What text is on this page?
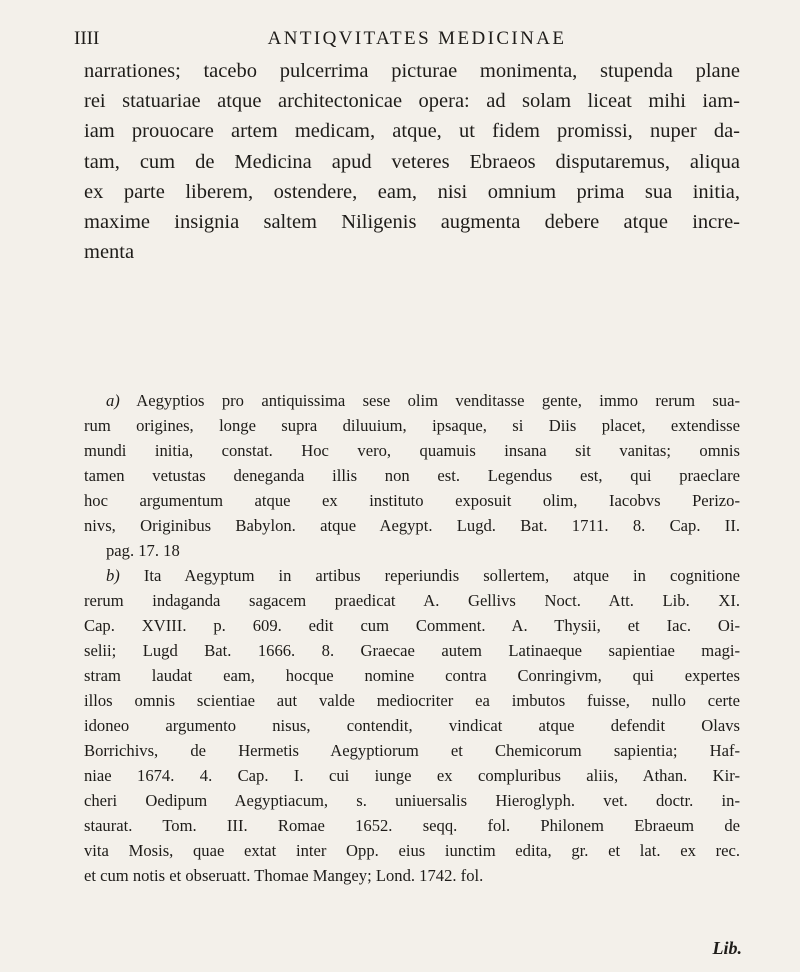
IIII	ANTIQVITATES MEDICINAE
narrationes; tacebo pulcerrima picturae monimenta, stupenda plane
rei statuariae atque architectonicae opera: ad solam liceat mihi iam-
iam prouocare artem medicam, atque, ut fidem promissi, nuper da-
tam, cum de Medicina apud veteres Ebraeos disputaremus, aliqua
ex parte liberem, ostendere, eam, nisi omnium prima sua initia,
maxime insignia saltem Niligenis augmenta debere atque incre-
menta
a) Aegyptios pro antiquissima sese olim venditasse gente, immo rerum sua-
rum origines, longe supra diluuium, ipsaque, si Diis placet, extendisse
mundi initia, constat. Hoc vero, quamuis insana sit vanitas; omnis
tamen vetustas deneganda illis non est. Legendus est, qui praeclare
hoc argumentum atque ex instituto exposuit olim, Iacobvs Perizo-
nivs, Originibus Babylon. atque Aegypt. Lugd. Bat. 1711. 8. Cap. II.
pag. 17. 18
b) Ita Aegyptum in artibus reperiundis sollertem, atque in cognitione
rerum indaganda sagacem praedicat A. Gellivs Noct. Att. Lib. XI.
Cap. XVIII. p. 609. edit cum Comment. A. Thysii, et Iac. Oi-
selii; Lugd Bat. 1666. 8. Graecae autem Latinaeque sapientiae magi-
stram laudat eam, hocque nomine contra Conringivm, qui expertes
illos omnis scientiae aut valde mediocriter ea imbutos fuisse, nullo certe
idoneo argumento nisus, contendit, vindicat atque defendit Olavs
Borrichivs, de Hermetis Aegyptiorum et Chemicorum sapientia; Haf-
niae 1674. 4. Cap. I. cui iunge ex compluribus aliis, Athan. Kir-
cheri Oedipum Aegyptiacum, s. uniuersalis Hieroglyph. vet. doctr. in-
staurat. Tom. III. Romae 1652. seqq. fol. Philonem Ebraeum de
vita Mosis, quae extat inter Opp. eius iunctim edita, gr. et lat. ex rec.
et cum notis et obseruatt. Thomae Mangey; Lond. 1742. fol.
Lib.
